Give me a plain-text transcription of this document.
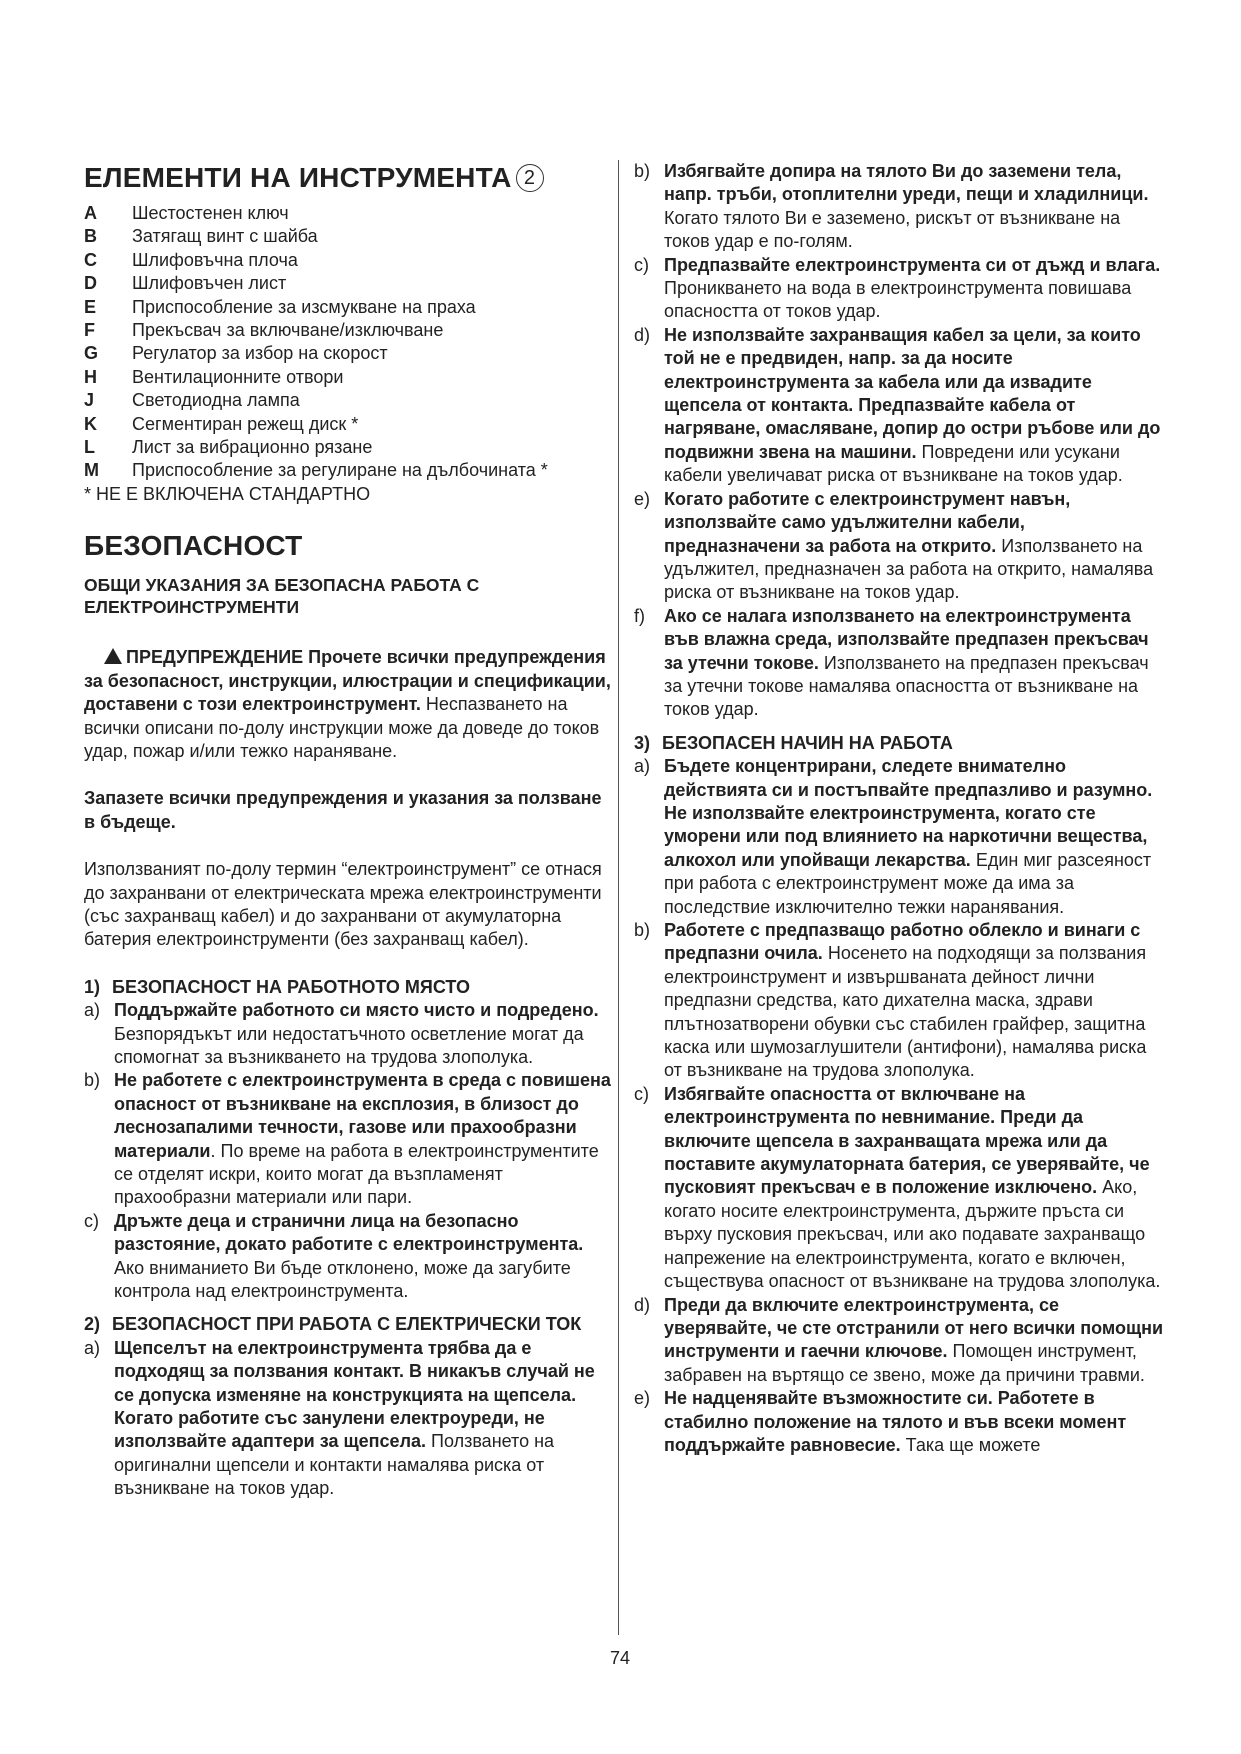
ЕЛЕМЕНТИ НА ИНСТРУМЕНТА 2
A	Шестостенен ключ
B	Затягащ винт с шайба
C	Шлифовъчна плоча
D	Шлифовъчен лист
E	Приспособление за изсмукване на праха
F	Прекъсвач за включване/изключване
G	Регулатор за избор на скорост
H	Вентилационните отвори
J	Светодиодна лампа
K	Сегментиран режещ диск *
L	Лист за вибрационно рязане
M	Приспособление за регулиране на дълбочината *
* НЕ Е ВКЛЮЧЕНА СТАНДАРТНО
БЕЗОПАСНОСТ
ОБЩИ УКАЗАНИЯ ЗА БЕЗОПАСНА РАБОТА С ЕЛЕКТРОИНСТРУМЕНТИ

ПРЕДУПРЕЖДЕНИЕ Прочете всички предупреждения за безопасност, инструкции, илюстрации и спецификации, доставени с този електроинструмент. Неспазването на всички описани по-долу инструкции може да доведе до токов удар, пожар и/или тежко нараняване.

Запазете всички предупреждения и указания за ползване в бъдеще.

Използваният по-долу термин “електроинструмент” се отнася до захранвани от електрическата мрежа електроинструменти (със захранващ кабел) и до захранвани от акумулаторна батерия електроинструменти (без захранващ кабел).

1) БЕЗОПАСНОСТ НА РАБОТНОТО МЯСТО
a) Поддържайте работното си място чисто и подредено. Безпорядъкът или недостатъчното осветление могат да спомогнат за възникването на трудова злополука.
b) Не работете с електроинструмента в среда с повишена опасност от възникване на експлозия, в близост до леснозапалими течности, газове или прахообразни материали. По време на работа в електроинструментите се отделят искри, които могат да възпламенят прахообразни материали или пари.
c) Дръжте деца и странични лица на безопасно разстояние, докато работите с електроинструмента. Ако вниманието Ви бъде отклонено, може да загубите контрола над електроинструмента.
2) БЕЗОПАСНОСТ ПРИ РАБОТА С ЕЛЕКТРИЧЕСКИ ТОК
a) Щепселът на електроинструмента трябва да е подходящ за ползвания контакт. В никакъв случай не се допуска изменяне на конструкцията на щепсела. Когато работите със занулени електроуреди, не използвайте адаптери за щепсела. Ползването на оригинални щепсели и контакти намалява риска от възникване на токов удар.
b) Избягвайте допира на тялото Ви до заземени тела, напр. тръби, отоплителни уреди, пещи и хладилници. Когато тялото Ви е заземено, рискът от възникване на токов удар е по-голям.
c) Предпазвайте електроинструмента си от дъжд и влага. Проникването на вода в електроинструмента повишава опасността от токов удар.
d) Не използвайте захранващия кабел за цели, за които той не е предвиден, напр. за да носите електроинструмента за кабела или да извадите щепсела от контакта. Предпазвайте кабела от нагряване, омасляване, допир до остри ръбове или до подвижни звена на машини. Повредени или усукани кабели увеличават риска от възникване на токов удар.
e) Когато работите с електроинструмент навън, използвайте само удължителни кабели, предназначени за работа на открито. Използването на удължител, предназначен за работа на открито, намалява риска от възникване на токов удар.
f) Ако се налага използването на електроинструмента във влажна среда, използвайте предпазен прекъсвач за утечни токове. Използването на предпазен прекъсвач за утечни токове намалява опасността от възникване на токов удар.
3) БЕЗОПАСЕН НАЧИН НА РАБОТА
a) Бъдете концентрирани, следете внимателно действията си и постъпвайте предпазливо и разумно. Не използвайте електроинструмента, когато сте уморени или под влиянието на наркотични вещества, алкохол или упойващи лекарства. Един миг разсеяност при работа с електроинструмент може да има за последствие изключително тежки наранявания.
b) Работете с предпазващо работно облекло и винаги с предпазни очила. Носенето на подходящи за ползвания електроинструмент и извършваната дейност лични предпазни средства, като дихателна маска, здрави плътнозатворени обувки със стабилен грайфер, защитна каска или шумозаглушители (антифони), намалява риска от възникване на трудова злополука.
c) Избягвайте опасността от включване на електроинструмента по невнимание. Преди да включите щепсела в захранващата мрежа или да поставите акумулаторната батерия, се уверявайте, че пусковият прекъсвач е в положение изключено. Ако, когато носите електроинструмента, държите пръста си върху пусковия прекъсвач, или ако подавате захранващо напрежение на електроинструмента, когато е включен, съществува опасност от възникване на трудова злополука.
d) Преди да включите електроинструмента, се уверявайте, че сте отстранили от него всички помощни инструменти и гаечни ключове. Помощен инструмент, забравен на въртящо се звено, може да причини травми.
e) Не надценявайте възможностите си. Работете в стабилно положение на тялото и във всеки момент поддържайте равновесие. Така ще можете
74
